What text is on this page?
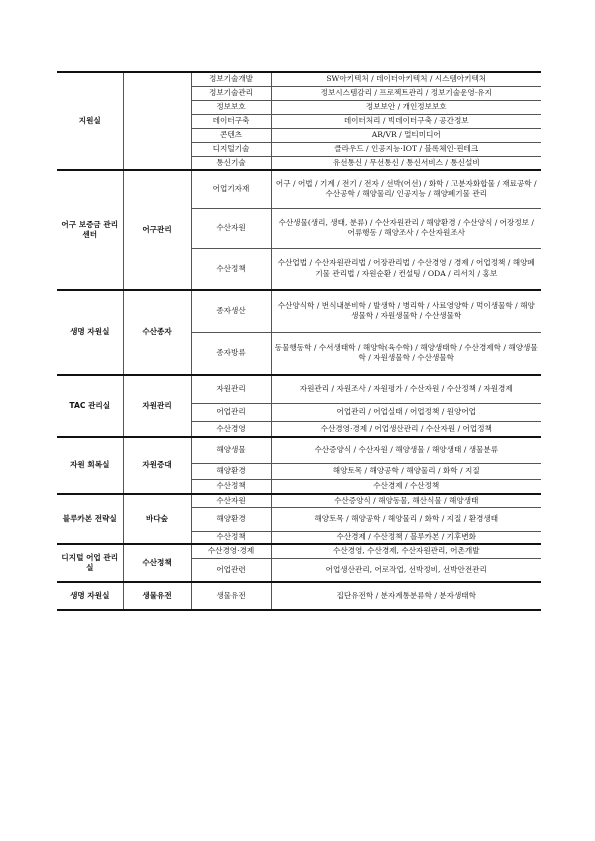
지원실		정보기술개발	SW아키텍처 / 데이터아키텍처 / 시스템아키텍처
		정보기술관리	정보시스템감리 / 프로젝트관리 / 정보기술운영·유지
		정보보호	정보보안 / 개인정보보호
		데이터구축	데이터처리 / 빅데이터구축 / 공간정보
		콘텐츠	AR/VR / 멀티미디어
		디지털기술	클라우드 / 인공지능·IOT / 블록체인·핀테크
		통신기술	유선통신 / 무선통신 / 통신서비스 / 통신설비
어구 보증금 관리센터	어구관리	어업기자재	어구 / 어법 / 기계 / 전기 / 전자 / 선박(어선) / 화학 / 고분자화합물 / 재료공학 / 수산공학 / 해양물리/ 인공지능 / 해양폐기물 관리
		수산자원	수산생물(생리, 생태, 분류) / 수산자원관리 / 해양환경 / 수산양식 / 어장정보 / 어류행동 / 해양조사 / 수산자원조사
		수산정책	수산업법 / 수산자원관리법 / 어장관리법 / 수산경영 / 경제 / 어업정책 / 해양폐기물 관리법 / 자원순환 / 컨설팅 / ODA / 리서치 / 홍보
생명 자원실	수산종자	종자생산	수산양식학 / 번식내분비학 / 발생학 / 병리학 / 사료영양학 / 먹이생물학 / 해양생물학 / 자원생물학 / 수산생물학
		종자방류	동물행동학 / 수서생태학 / 해양학(육수학) / 해양생태학 / 수산경제학 / 해양생물학 / 자원생물학 / 수산생물학
TAC 관리실	자원관리	자원관리	자원관리 / 자원조사 / 자원평가 / 수산자원 / 수산정책 / 자원경제
		어업관리	어업관리 / 어업실태 / 어업정책 / 원양어업
		수산경영	수산경영·경제 / 어업생산관리 / 수산자원 / 어업정책
자원 회복실	자원증대	해양생물	수산증양식 / 수산자원 / 해양생물 / 해양생태 / 생물분류
		해양환경	해양토목 / 해양공학 / 해양물리 / 화학 / 지질
		수산정책	수산경제 / 수산정책
블루카본 전략실	바다숲	수산자원	수산증양식 / 해양동물, 해산식물 / 해양생태
		해양환경	해양토목 / 해양공학 / 해양물리 / 화학 / 지질 / 환경생태
		수산정책	수산경제 / 수산정책 / 블루카본 / 기후변화
디지털 어업 관리실	수산정책	수산경영·경제	수산경영, 수산경제, 수산자원관리, 어촌개발
		어업관련	어업생산관리, 어로작업, 선박정비, 선박안전관리
생명 자원실	생물유전	생물유전	집단유전학 / 분자계통분류학 / 분자생태학
